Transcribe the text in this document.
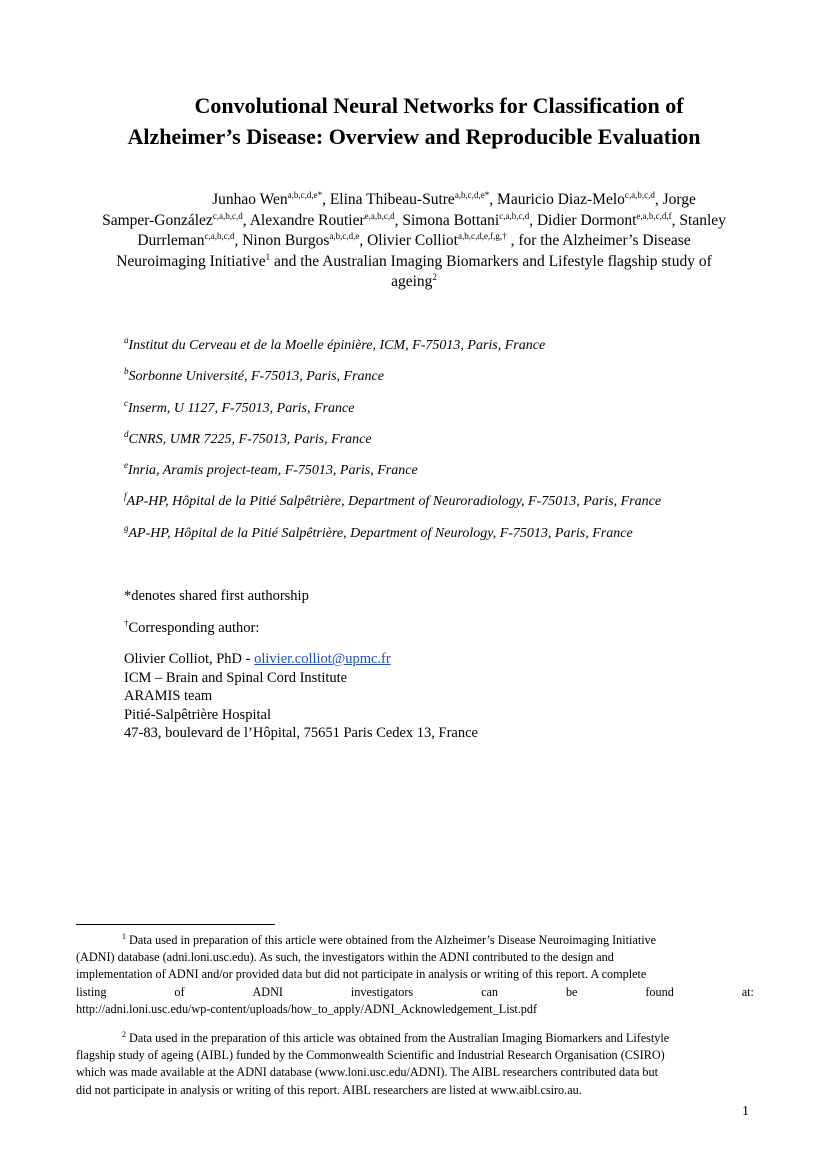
Convolutional Neural Networks for Classification of
Alzheimer’s Disease: Overview and Reproducible Evaluation
Junhao Wen$^{a,b,c,d,e*}$, Elina Thibeau-Sutre$^{a,b,c,d,e*}$, Mauricio Diaz-Melo$^{c,a,b,c,d}$, Jorge
Samper-González$^{c,a,b,c,d}$, Alexandre Routier$^{e,a,b,c,d}$, Simona Bottani$^{c,a,b,c,d}$, Didier Dormont$^{e,a,b,c,d,f}$, Stanley
Durrleman$^{c,a,b,c,d}$, Ninon Burgos$^{a,b,c,d,e}$, Olivier Colliot$^{a,b,c,d,e,f,g,\dagger}$ , for the Alzheimer’s Disease
Neuroimaging Initiative$^1$ and the Australian Imaging Biomarkers and Lifestyle flagship study of
ageing$^2$
$^a$Institut du Cerveau et de la Moelle épinière, ICM, F-75013, Paris, France
$^b$Sorbonne Université, F-75013, Paris, France
$^c$Inserm, U 1127, F-75013, Paris, France
$^d$CNRS, UMR 7225, F-75013, Paris, France
$^e$Inria, Aramis project-team, F-75013, Paris, France
$^f$AP-HP, Hôpital de la Pitié Salpêtrière, Department of Neuroradiology, F-75013, Paris, France
$^g$AP-HP, Hôpital de la Pitié Salpêtrière, Department of Neurology, F-75013, Paris, France
*denotes shared first authorship
†Corresponding author:
Olivier Colliot, PhD - olivier.colliot@upmc.fr
ICM – Brain and Spinal Cord Institute
ARAMIS team
Pitié-Salpêtrière Hospital
47-83, boulevard de l’Hôpital, 75651 Paris Cedex 13, France
$^1$ Data used in preparation of this article were obtained from the Alzheimer’s Disease Neuroimaging Initiative
(ADNI) database (adni.loni.usc.edu). As such, the investigators within the ADNI contributed to the design and
implementation of ADNI and/or provided data but did not participate in analysis or writing of this report. A complete
listing	of	ADNI	investigators	can	be	found	at:
http://adni.loni.usc.edu/wp-content/uploads/how_to_apply/ADNI_Acknowledgement_List.pdf
$^2$ Data used in the preparation of this article was obtained from the Australian Imaging Biomarkers and Lifestyle
flagship study of ageing (AIBL) funded by the Commonwealth Scientific and Industrial Research Organisation (CSIRO)
which was made available at the ADNI database (www.loni.usc.edu/ADNI). The AIBL researchers contributed data but
did not participate in analysis or writing of this report. AIBL researchers are listed at www.aibl.csiro.au.
1
